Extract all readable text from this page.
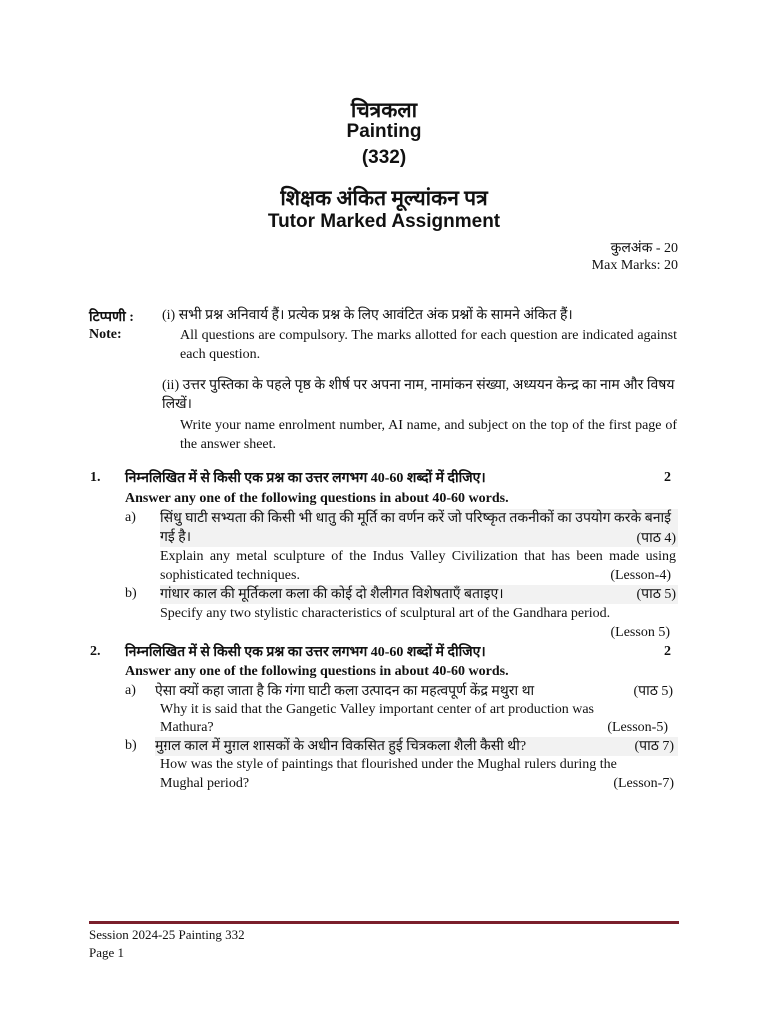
चित्रकला
Painting
(332)
शिक्षक अंकित मूल्यांकन पत्र
Tutor Marked Assignment
कुलअंक - 20
Max Marks: 20
टिप्पणी :
Note:
(i) सभी प्रश्न अनिवार्य हैं। प्रत्येक प्रश्न के लिए आवंटित अंक प्रश्नों के सामने अंकित हैं।
All questions are compulsory. The marks allotted for each question are indicated against each question.
(ii) उत्तर पुस्तिका के पहले पृष्ठ के शीर्ष पर अपना नाम, नामांकन संख्या, अध्ययन केन्द्र का नाम और विषय लिखें।
Write your name enrolment number, AI name, and subject on the top of the first page of the answer sheet.
1. निम्नलिखित में से किसी एक प्रश्न का उत्तर लगभग 40-60 शब्दों में दीजिए।	2
Answer any one of the following questions in about 40-60 words.
a) सिंधु घाटी सभ्यता की किसी भी धातु की मूर्ति का वर्णन करें जो परिष्कृत तकनीकों का उपयोग करके बनाई गई है।	(पाठ 4)
Explain any metal sculpture of the Indus Valley Civilization that has been made using sophisticated techniques.	(Lesson-4)
b) गांधार काल की मूर्तिकला कला की कोई दो शैलीगत विशेषताएँ बताइए।	(पाठ 5)
Specify any two stylistic characteristics of sculptural art of the Gandhara period.
(Lesson 5)
2. निम्नलिखित में से किसी एक प्रश्न का उत्तर लगभग 40-60 शब्दों में दीजिए।	2
Answer any one of the following questions in about 40-60 words.
a) ऐसा क्यों कहा जाता है कि गंगा घाटी कला उत्पादन का महत्वपूर्ण केंद्र मथुरा था	(पाठ 5)
Why it is said that the Gangetic Valley important center of art production was
Mathura?	(Lesson-5)
b) मुग़ल काल में मुग़ल शासकों के अधीन विकसित हुई चित्रकला शैली कैसी थी?	(पाठ 7)
How was the style of paintings that flourished under the Mughal rulers during the
Mughal period?	(Lesson-7)
Session 2024-25 Painting 332
Page 1
